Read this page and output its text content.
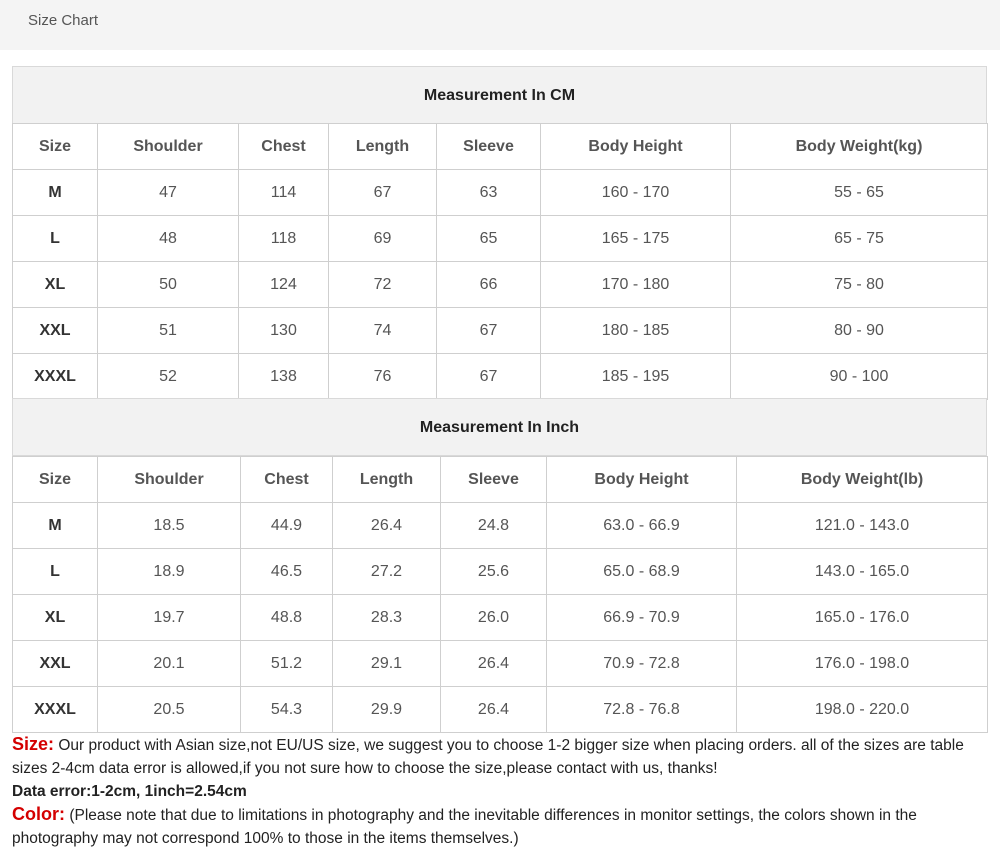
Size Chart
Measurement In CM
Size	Shoulder	Chest	Length	Sleeve	Body Height	Body Weight(kg)
M	47	114	67	63	160 - 170	55 - 65
L	48	118	69	65	165 - 175	65 - 75
XL	50	124	72	66	170 - 180	75 - 80
XXL	51	130	74	67	180 - 185	80 - 90
XXXL	52	138	76	67	185 - 195	90 - 100
Measurement In Inch
Size	Shoulder	Chest	Length	Sleeve	Body Height	Body Weight(lb)
M	18.5	44.9	26.4	24.8	63.0 - 66.9	121.0 - 143.0
L	18.9	46.5	27.2	25.6	65.0 - 68.9	143.0 - 165.0
XL	19.7	48.8	28.3	26.0	66.9 - 70.9	165.0 - 176.0
XXL	20.1	51.2	29.1	26.4	70.9 - 72.8	176.0 - 198.0
XXXL	20.5	54.3	29.9	26.4	72.8 - 76.8	198.0 - 220.0

Size: Our product with Asian size,not EU/US size, we suggest you to choose 1-2 bigger size when placing orders. all of the sizes are table sizes 2-4cm data error is allowed,if you not sure how to choose the size,please contact with us, thanks!

Data error:1-2cm, 1inch=2.54cm

Color: (Please note that due to limitations in photography and the inevitable differences in monitor settings, the colors shown in the photography may not correspond 100% to those in the items themselves.)
